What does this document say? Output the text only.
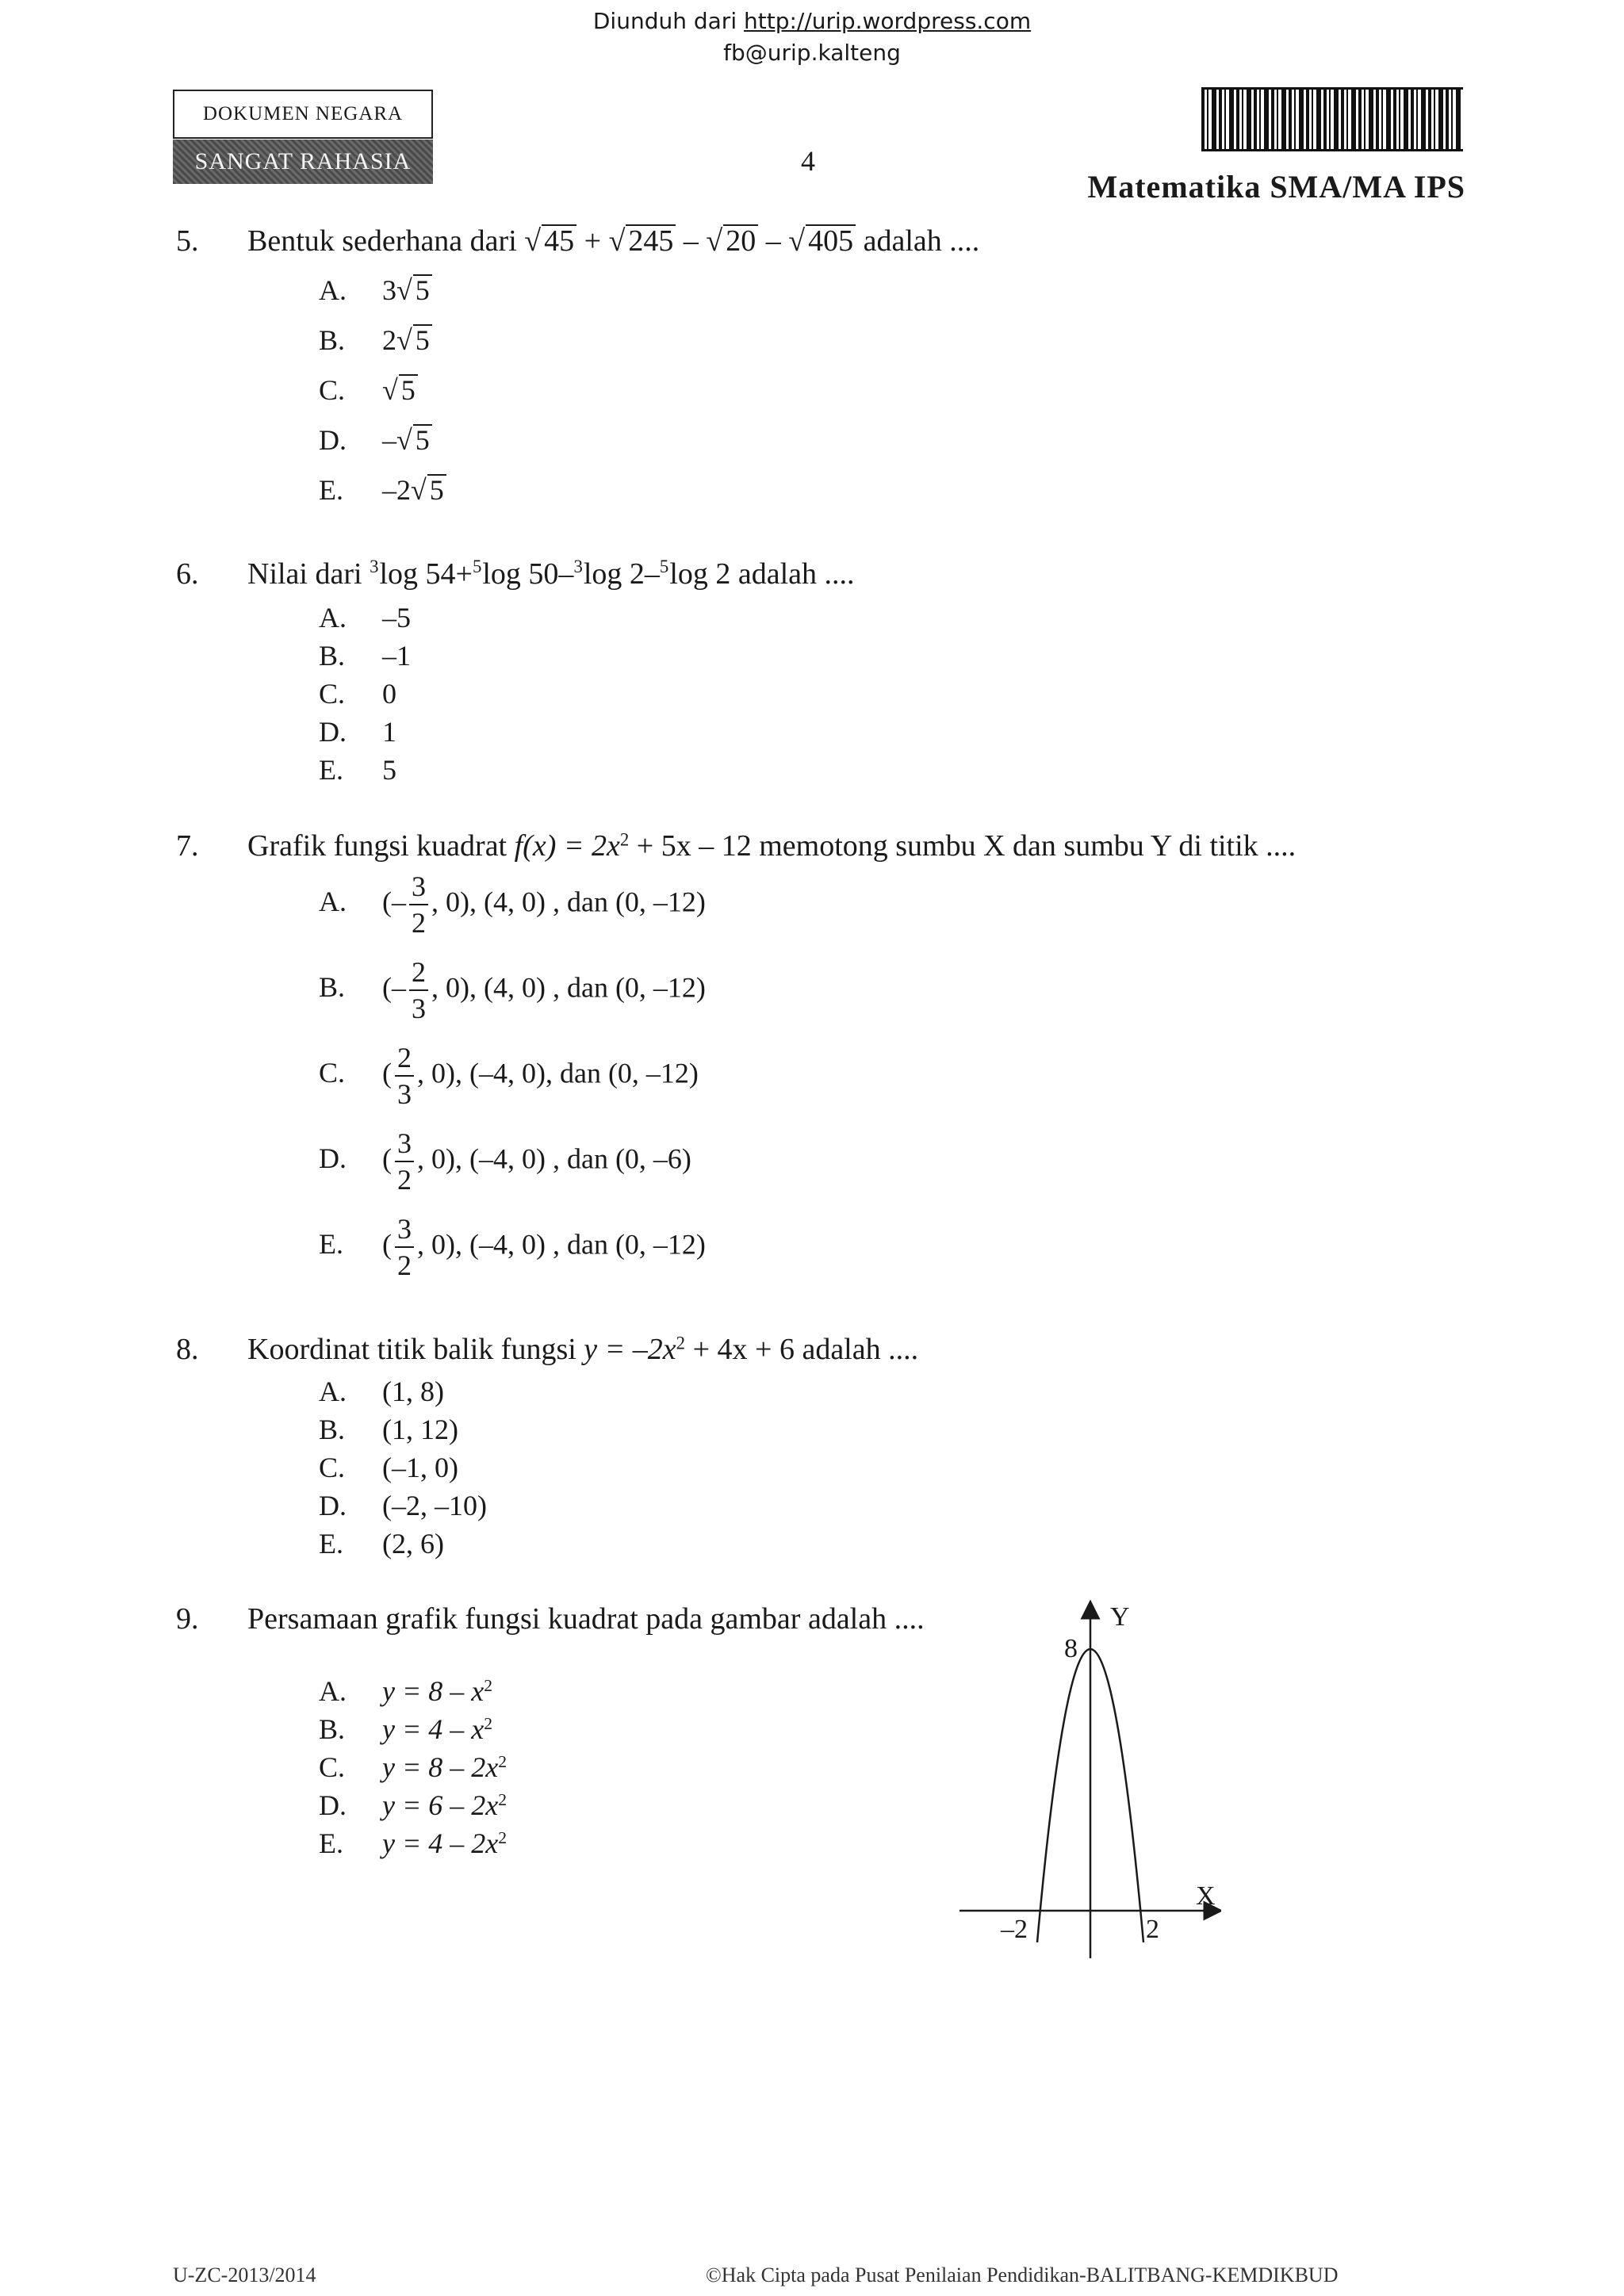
Diunduh dari http://urip.wordpress.com
fb@urip.kalteng
DOKUMEN NEGARA
SANGAT RAHASIA	4
Matematika SMA/MA IPS
5. Bentuk sederhana dari √ 45 + √ 245 – √ 20 – √ 405 adalah ....
A. 3√ 5
B. 2√ 5
C. √ 5
D. –√ 5
E. –2√ 5
6. Nilai dari $^3$log 54+$^5$log 50–$^3$log 2–$^5$log 2 adalah ....
A. –5
B. –1
C. 0
D. 1
E. 5
7. Grafik fungsi kuadrat $f(x) = 2x^2 + 5x - 12$ memotong sumbu X dan sumbu Y di titik ....
A. (– $\frac{3}{2}$ , 0), (4, 0) , dan (0, –12)
B. (– $\frac{2}{3}$ , 0), (4, 0) , dan (0, –12)
C. ( $\frac{2}{3}$ , 0), (–4, 0), dan (0, –12)
D. ( $\frac{3}{2}$ , 0), (–4, 0) , dan (0, –6)
E. ( $\frac{3}{2}$ , 0), (–4, 0) , dan (0, –12)
8. Koordinat titik balik fungsi $y = -2x^2 + 4x + 6$ adalah ....
A. (1, 8)
B. (1, 12)
C. (–1, 0)
D. (–2, –10)
E. (2, 6)
9. Persamaan grafik fungsi kuadrat pada gambar adalah ....
A. $y = 8 - x^2$
B. $y = 4 - x^2$
C. $y = 8 - 2x^2$
D. $y = 6 - 2x^2$
E. $y = 4 - 2x^2$
Y
X
8
–2	2
U-ZC-2013/2014	©Hak Cipta pada Pusat Penilaian Pendidikan-BALITBANG-KEMDIKBUD
